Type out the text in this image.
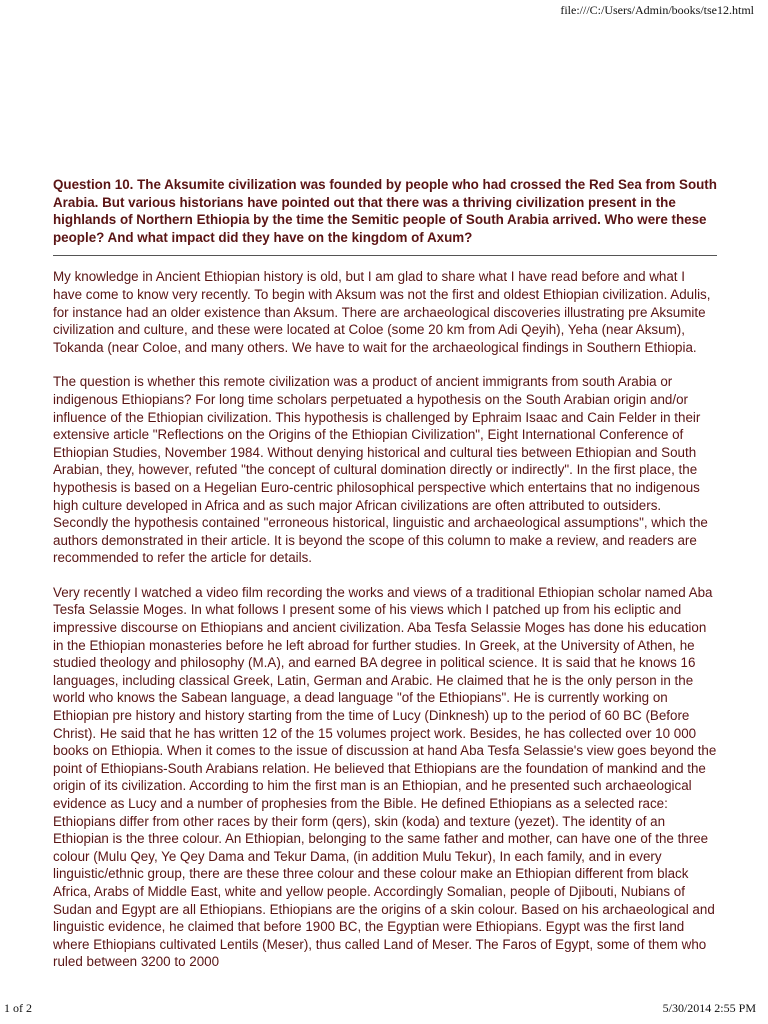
file:///C:/Users/Admin/books/tse12.html

Question 10. The Aksumite civilization was founded by people who had crossed the Red Sea from South Arabia. But various historians have pointed out that there was a thriving civilization present in the highlands of Northern Ethiopia by the time the Semitic people of South Arabia arrived. Who were these people? And what impact did they have on the kingdom of Axum?

My knowledge in Ancient Ethiopian history is old, but I am glad to share what I have read before and what I have come to know very recently. To begin with Aksum was not the first and oldest Ethiopian civilization. Adulis, for instance had an older existence than Aksum. There are archaeological discoveries illustrating pre Aksumite civilization and culture, and these were located at Coloe (some 20 km from Adi Qeyih), Yeha (near Aksum), Tokanda (near Coloe, and many others. We have to wait for the archaeological findings in Southern Ethiopia.

The question is whether this remote civilization was a product of ancient immigrants from south Arabia or indigenous Ethiopians? For long time scholars perpetuated a hypothesis on the South Arabian origin and/or influence of the Ethiopian civilization. This hypothesis is challenged by Ephraim Isaac and Cain Felder in their extensive article "Reflections on the Origins of the Ethiopian Civilization", Eight International Conference of Ethiopian Studies, November 1984. Without denying historical and cultural ties between Ethiopian and South Arabian, they, however, refuted "the concept of cultural domination directly or indirectly". In the first place, the hypothesis is based on a Hegelian Euro-centric philosophical perspective which entertains that no indigenous high culture developed in Africa and as such major African civilizations are often attributed to outsiders. Secondly the hypothesis contained "erroneous historical, linguistic and archaeological assumptions", which the authors demonstrated in their article. It is beyond the scope of this column to make a review, and readers are recommended to refer the article for details.

Very recently I watched a video film recording the works and views of a traditional Ethiopian scholar named Aba Tesfa Selassie Moges. In what follows I present some of his views which I patched up from his ecliptic and impressive discourse on Ethiopians and ancient civilization. Aba Tesfa Selassie Moges has done his education in the Ethiopian monasteries before he left abroad for further studies. In Greek, at the University of Athen, he studied theology and philosophy (M.A), and earned BA degree in political science. It is said that he knows 16 languages, including classical Greek, Latin, German and Arabic. He claimed that he is the only person in the world who knows the Sabean language, a dead language "of the Ethiopians". He is currently working on Ethiopian pre history and history starting from the time of Lucy (Dinknesh) up to the period of 60 BC (Before Christ). He said that he has written 12 of the 15 volumes project work. Besides, he has collected over 10 000 books on Ethiopia. When it comes to the issue of discussion at hand Aba Tesfa Selassie's view goes beyond the point of Ethiopians-South Arabians relation. He believed that Ethiopians are the foundation of mankind and the origin of its civilization. According to him the first man is an Ethiopian, and he presented such archaeological evidence as Lucy and a number of prophesies from the Bible. He defined Ethiopians as a selected race: Ethiopians differ from other races by their form (qers), skin (koda) and texture (yezet). The identity of an Ethiopian is the three colour. An Ethiopian, belonging to the same father and mother, can have one of the three colour (Mulu Qey, Ye Qey Dama and Tekur Dama, (in addition Mulu Tekur), In each family, and in every linguistic/ethnic group, there are these three colour and these colour make an Ethiopian different from black Africa, Arabs of Middle East, white and yellow people. Accordingly Somalian, people of Djibouti, Nubians of Sudan and Egypt are all Ethiopians. Ethiopians are the origins of a skin colour. Based on his archaeological and linguistic evidence, he claimed that before 1900 BC, the Egyptian were Ethiopians. Egypt was the first land where Ethiopians cultivated Lentils (Meser), thus called Land of Meser. The Faros of Egypt, some of them who ruled between 3200 to 2000

1 of 2	5/30/2014 2:55 PM
